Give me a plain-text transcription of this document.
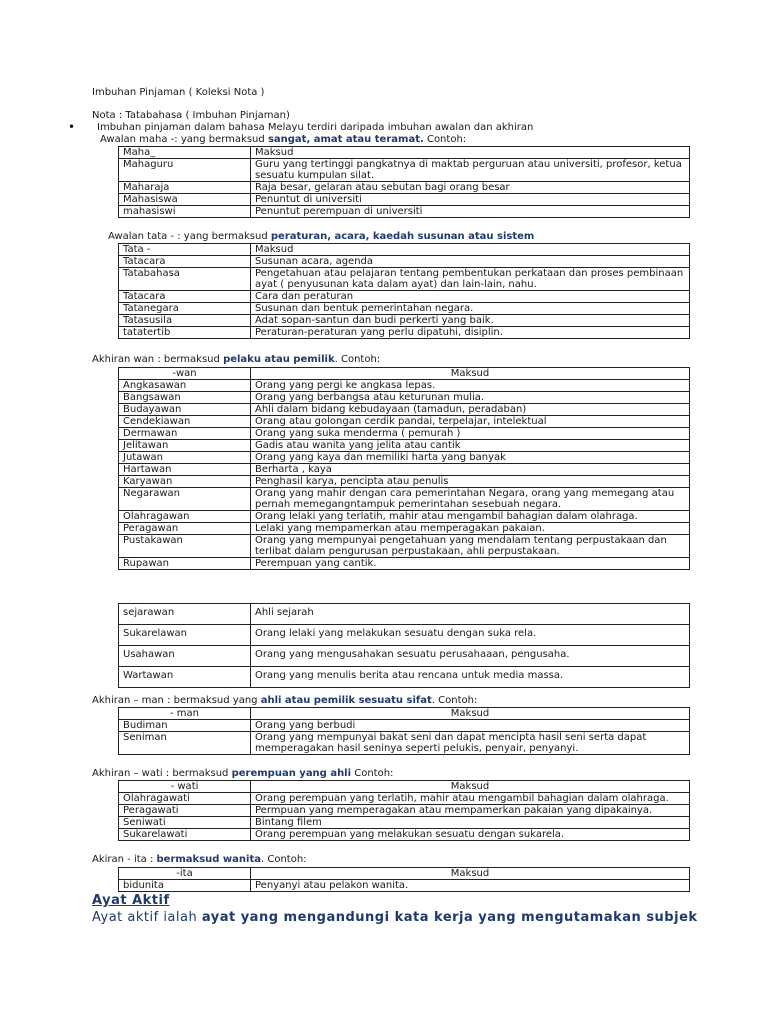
Imbuhan Pinjaman ( Koleksi Nota )
Nota : Tatabahasa ( Imbuhan Pinjaman)
• Imbuhan pinjaman dalam bahasa Melayu terdiri daripada imbuhan awalan dan akhiran
Awalan maha -: yang bermaksud sangat, amat atau teramat. Contoh:
Maha_	Maksud
Mahaguru	Guru yang tertinggi pangkatnya di maktab perguruan atau universiti, profesor, ketua sesuatu kumpulan silat.
Maharaja	Raja besar, gelaran atau sebutan bagi orang besar
Mahasiswa	Penuntut di universiti
mahasiswi	Penuntut perempuan di universiti
Awalan tata - : yang bermaksud peraturan, acara, kaedah susunan atau sistem
Tata -	Maksud
Tatacara	Susunan acara, agenda
Tatabahasa	Pengetahuan atau pelajaran tentang pembentukan perkataan dan proses pembinaan ayat ( penyusunan kata dalam ayat) dan lain-lain, nahu.
Tatacara	Cara dan peraturan
Tatanegara	Susunan dan bentuk pemerintahan negara.
Tatasusila	Adat sopan-santun dan budi perkerti yang baik.
tatatertib	Peraturan-peraturan yang perlu dipatuhi, disiplin.
Akhiran wan : bermaksud pelaku atau pemilik. Contoh:
-wan	Maksud
Angkasawan	Orang yang pergi ke angkasa lepas.
Bangsawan	Orang yang berbangsa atau keturunan mulia.
Budayawan	Ahli dalam bidang kebudayaan (tamadun, peradaban)
Cendekiawan	Orang atau golongan cerdik pandai, terpelajar, intelektual
Dermawan	Orang yang suka menderma ( pemurah )
Jelitawan	Gadis atau wanita yang jelita atau cantik
Jutawan	Orang yang kaya dan memiliki harta yang banyak
Hartawan	Berharta , kaya
Karyawan	Penghasil karya, pencipta atau penulis
Negarawan	Orang yang mahir dengan cara pemerintahan Negara, orang yang memegang atau pernah memegangntampuk pemerintahan sesebuah negara.
Olahragawan	Orang lelaki yang terlatih, mahir atau mengambil bahagian dalam olahraga.
Peragawan	Lelaki yang mempamerkan atau memperagakan pakaian.
Pustakawan	Orang yang mempunyai pengetahuan yang mendalam tentang perpustakaan dan terlibat dalam pengurusan perpustakaan, ahli perpustakaan.
Rupawan	Perempuan yang cantik.
sejarawan	Ahli sejarah
Sukarelawan	Orang lelaki yang melakukan sesuatu dengan suka rela.
Usahawan	Orang yang mengusahakan sesuatu perusahaaan, pengusaha.
Wartawan	Orang yang menulis berita atau rencana untuk media massa.
Akhiran – man : bermaksud yang ahli atau pemilik sesuatu sifat. Contoh:
- man	Maksud
Budiman	Orang yang berbudi
Seniman	Orang yang mempunyai bakat seni dan dapat mencipta hasil seni serta dapat memperagakan hasil seninya seperti pelukis, penyair, penyanyi.
Akhiran – wati : bermaksud perempuan yang ahli Contoh:
- wati	Maksud
Olahragawati	Orang perempuan yang terlatih, mahir atau mengambil bahagian dalam olahraga.
Peragawati	Permpuan yang memperagakan atau mempamerkan pakaian yang dipakainya.
Seniwati	Bintang filem
Sukarelawati	Orang perempuan yang melakukan sesuatu dengan sukarela.
Akiran - ita : bermaksud wanita. Contoh:
-ita	Maksud
bidunita	Penyanyi atau pelakon wanita.
Ayat Aktif
Ayat aktif ialah ayat yang mengandungi kata kerja yang mengutamakan subjek
